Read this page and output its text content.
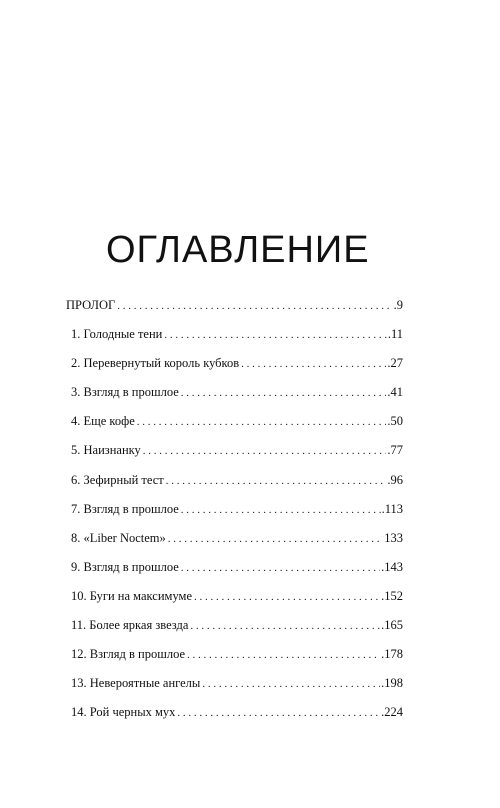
ОГЛАВЛЕНИЕ
ПРОЛОГ . . .	.9
1. Голодные тени . . .	.11
2. Перевернутый король кубков . . .	.27
3. Взгляд в прошлое . . .	.41
4. Еще кофе . . .	.50
5. Наизнанку . . .	.77
6. Зефирный тест . . .	.96
7. Взгляд в прошлое . . .	.113
8. «Liber Noctem» . . .	133
9. Взгляд в прошлое . . .	.143
10. Буги на максимуме . . .	.152
11. Более яркая звезда . . .	.165
12. Взгляд в прошлое . . .	.178
13. Невероятные ангелы . . .	.198
14. Рой черных мух . . .	.224
